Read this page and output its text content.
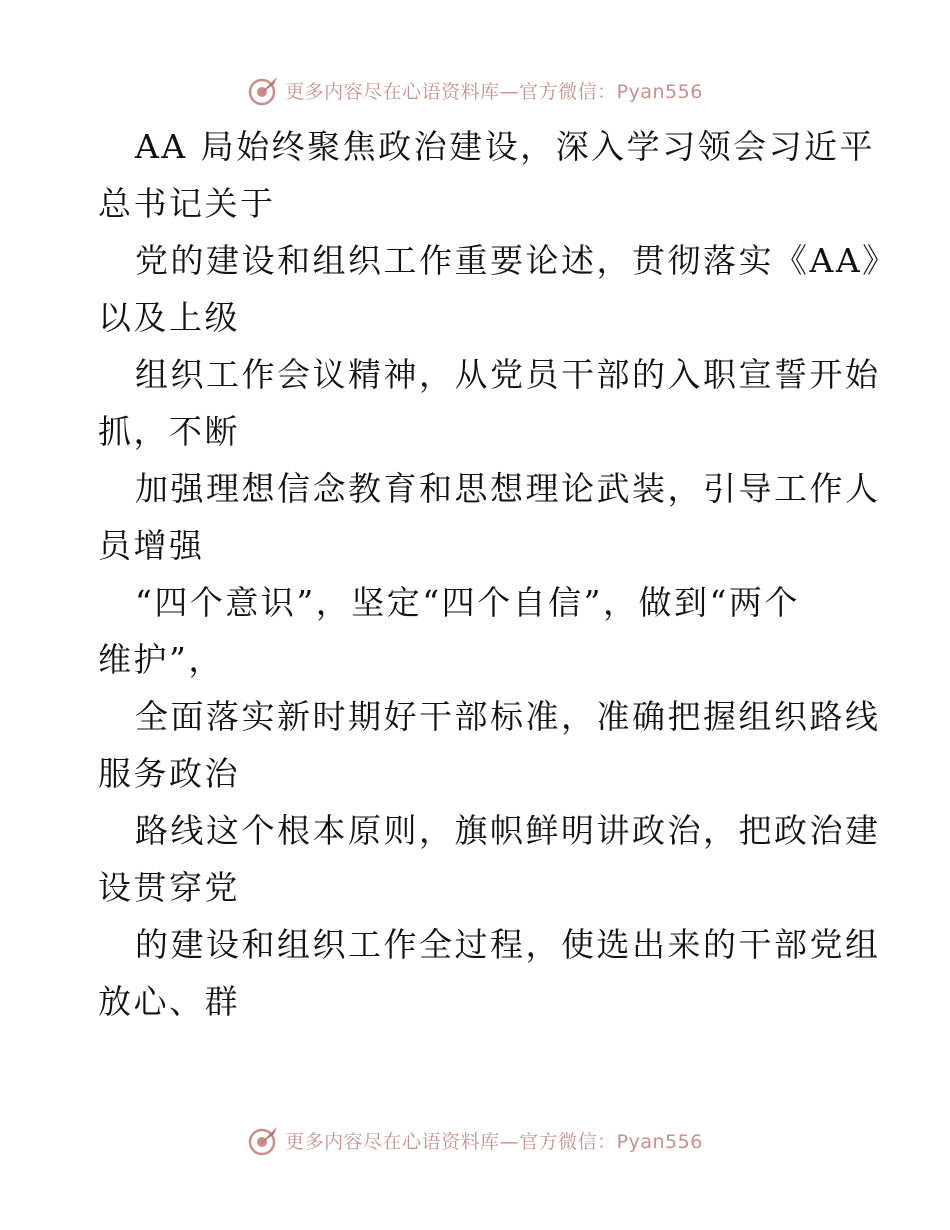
更多内容尽在心语资料库—官方微信：Pyan556

AA 局始终聚焦政治建设，深入学习领会习近平
总书记关于

党的建设和组织工作重要论述，贯彻落实《AA》
以及上级

组织工作会议精神，从党员干部的入职宣誓开始
抓，不断

加强理想信念教育和思想理论武装，引导工作人
员增强

“四个意识”，坚定“四个自信”，做到“两个
维护”，

全面落实新时期好干部标准，准确把握组织路线
服务政治

路线这个根本原则，旗帜鲜明讲政治，把政治建
设贯穿党

的建设和组织工作全过程，使选出来的干部党组
放心、群

更多内容尽在心语资料库—官方微信：Pyan556
